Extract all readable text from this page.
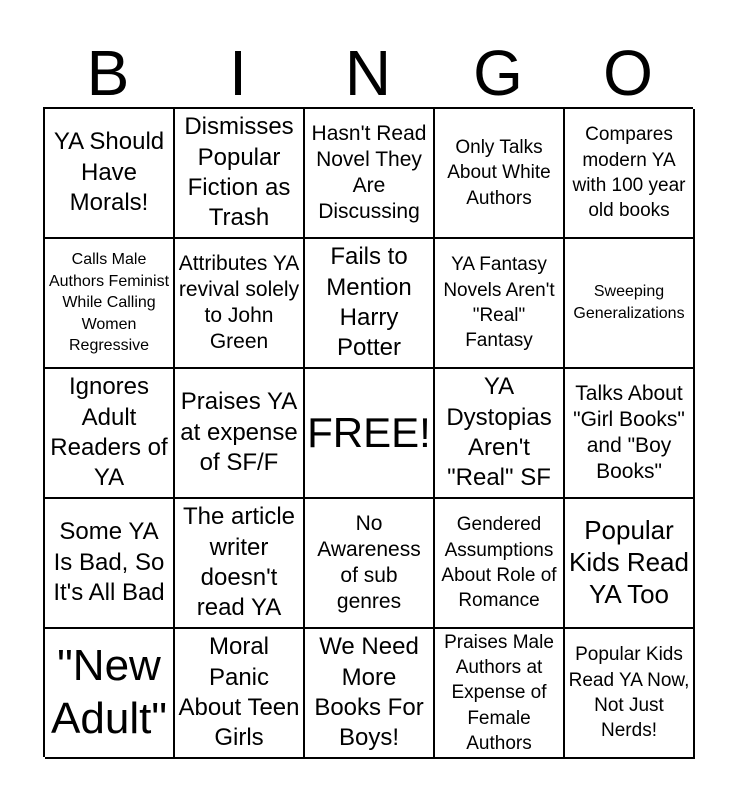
B	I	N	G	O
YA Should Have Morals!
Dismisses Popular Fiction as Trash
Hasn't Read Novel They Are Discussing
Only Talks About White Authors
Compares modern YA with 100 year old books
Calls Male Authors Feminist While Calling Women Regressive
Attributes YA revival solely to John Green
Fails to Mention Harry Potter
YA Fantasy Novels Aren't "Real" Fantasy
Sweeping Generalizations
Ignores Adult Readers of YA
Praises YA at expense of SF/F
FREE!
YA Dystopias Aren't "Real" SF
Talks About "Girl Books" and "Boy Books"
Some YA Is Bad, So It's All Bad
The article writer doesn't read YA
No Awareness of sub genres
Gendered Assumptions About Role of Romance
Popular Kids Read YA Too
"New Adult"
Moral Panic About Teen Girls
We Need More Books For Boys!
Praises Male Authors at Expense of Female Authors
Popular Kids Read YA Now, Not Just Nerds!
